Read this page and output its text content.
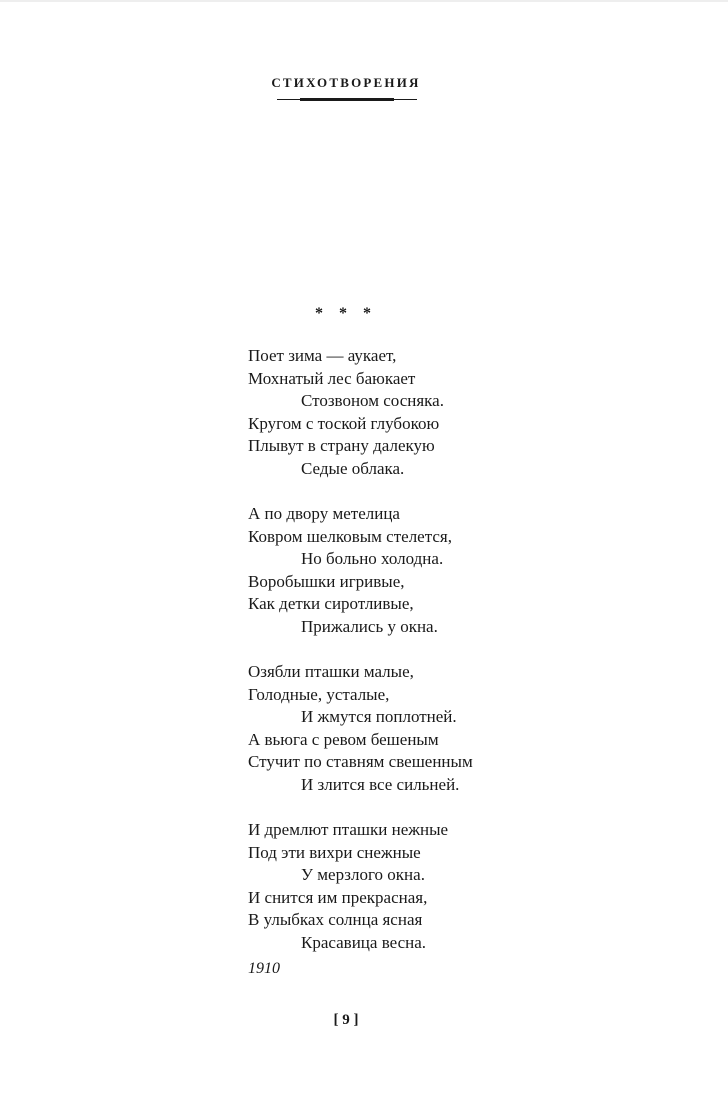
СТИХОТВОРЕНИЯ
* * *
Поет зима — аукает,
Мохнатый лес баюкает
Стозвоном сосняка.
Кругом с тоской глубокою
Плывут в страну далекую
Седые облака.
А по двору метелица
Ковром шелковым стелется,
Но больно холодна.
Воробышки игривые,
Как детки сиротливые,
Прижались у окна.
Озябли пташки малые,
Голодные, усталые,
И жмутся поплотней.
А вьюга с ревом бешеным
Стучит по ставням свешенным
И злится все сильней.
И дремлют пташки нежные
Под эти вихри снежные
У мерзлого окна.
И снится им прекрасная,
В улыбках солнца ясная
Красавица весна.
1910
[ 9 ]
